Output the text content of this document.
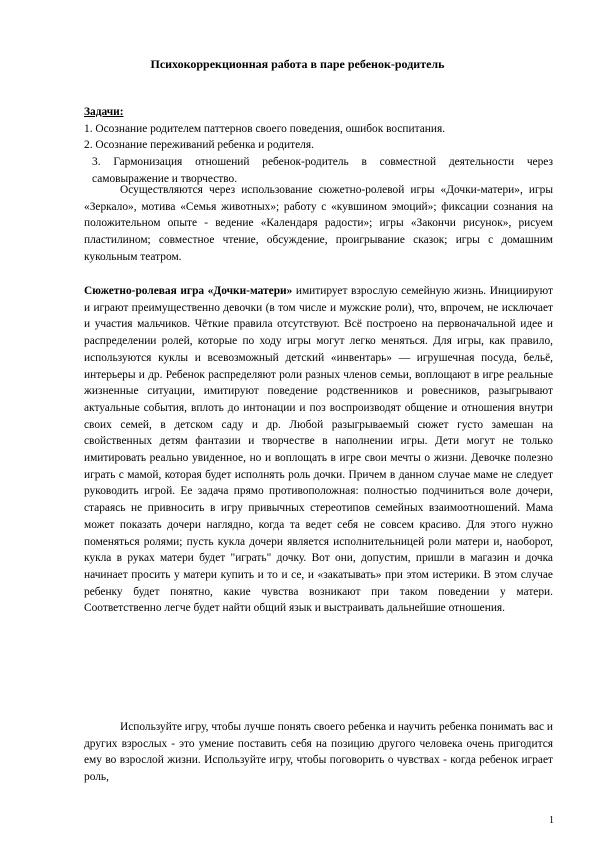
Психокоррекционная работа в паре ребенок-родитель
Задачи:
1. Осознание родителем паттернов своего поведения, ошибок воспитания.
2. Осознание переживаний ребенка и родителя.
3. Гармонизация отношений ребенок-родитель в совместной деятельности через самовыражение и творчество.
Осуществляются через использование сюжетно-ролевой игры «Дочки-матери», игры «Зеркало», мотива «Семья животных»; работу с «кувшином эмоций»; фиксации сознания на положительном опыте - ведение «Календаря радости»; игры «Закончи рисунок», рисуем пластилином; совместное чтение, обсуждение, проигрывание сказок; игры с домашним кукольным театром.
Сюжетно-ролевая игра «Дочки-матери» имитирует взрослую семейную жизнь. Инициируют и играют преимущественно девочки (в том числе и мужские роли), что, впрочем, не исключает и участия мальчиков. Чёткие правила отсутствуют. Всё построено на первоначальной идее и распределении ролей, которые по ходу игры могут легко меняться. Для игры, как правило, используются куклы и всевозможный детский «инвентарь» — игрушечная посуда, бельё, интерьеры и др. Ребенок распределяют роли разных членов семьи, воплощают в игре реальные жизненные ситуации, имитируют поведение родственников и ровесников, разыгрывают актуальные события, вплоть до интонации и поз воспроизводят общение и отношения внутри своих семей, в детском саду и др. Любой разыгрываемый сюжет густо замешан на свойственных детям фантазии и творчестве в наполнении игры. Дети могут не только имитировать реально увиденное, но и воплощать в игре свои мечты о жизни. Девочке полезно играть с мамой, которая будет исполнять роль дочки. Причем в данном случае маме не следует руководить игрой. Ее задача прямо противоположная: полностью подчиниться воле дочери, стараясь не привносить в игру привычных стереотипов семейных взаимоотношений. Мама может показать дочери наглядно, когда та ведет себя не совсем красиво. Для этого нужно поменяться ролями; пусть кукла дочери является исполнительницей роли матери и, наоборот, кукла в руках матери будет "играть" дочку. Вот они, допустим, пришли в магазин и дочка начинает просить у матери купить и то и се, и «закатывать» при этом истерики. В этом случае ребенку будет понятно, какие чувства возникают при таком поведении у матери. Соответственно легче будет найти общий язык и выстраивать дальнейшие отношения.
Используйте игру, чтобы лучше понять своего ребенка и научить ребенка понимать вас и других взрослых - это умение поставить себя на позицию другого человека очень пригодится ему во взрослой жизни. Используйте игру, чтобы поговорить о чувствах - когда ребенок играет роль,
1
